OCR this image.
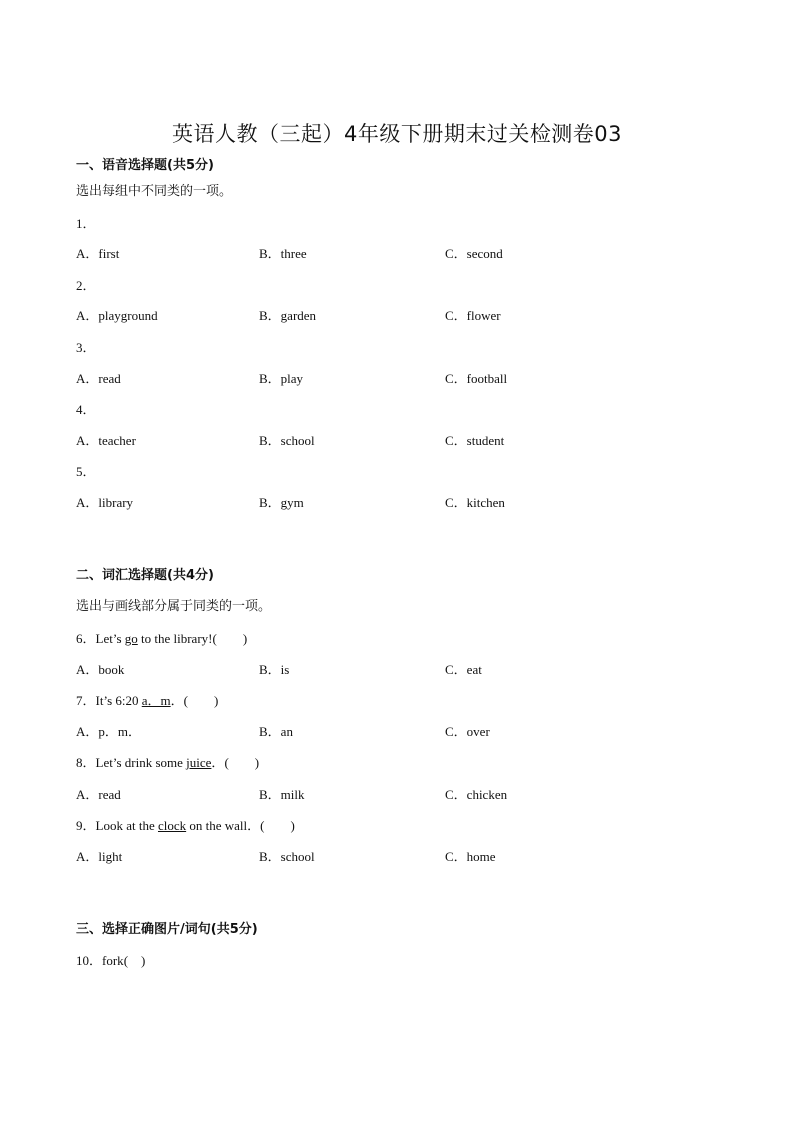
英语人教（三起）4年级下册期末过关检测卷03
一、语音选择题(共5分)
选出每组中不同类的一项。
1．
A．first	B．three	C．second
2．
A．playground	B．garden	C．flower
3．
A．read	B．play	C．football
4．
A．teacher	B．school	C．student
5．
A．library	B．gym	C．kitchen
二、词汇选择题(共4分)
选出与画线部分属于同类的一项。
6．Let’s go to the library!(　　)
A．book	B．is	C．eat
7．It’s 6:20 a．m．(　　)
A．p．m．	B．an	C．over
8．Let’s drink some juice．(　　)
A．read	B．milk	C．chicken
9．Look at the clock on the wall．(　　)
A．light	B．school	C．home
三、选择正确图片/词句(共5分)
10．fork(　)
